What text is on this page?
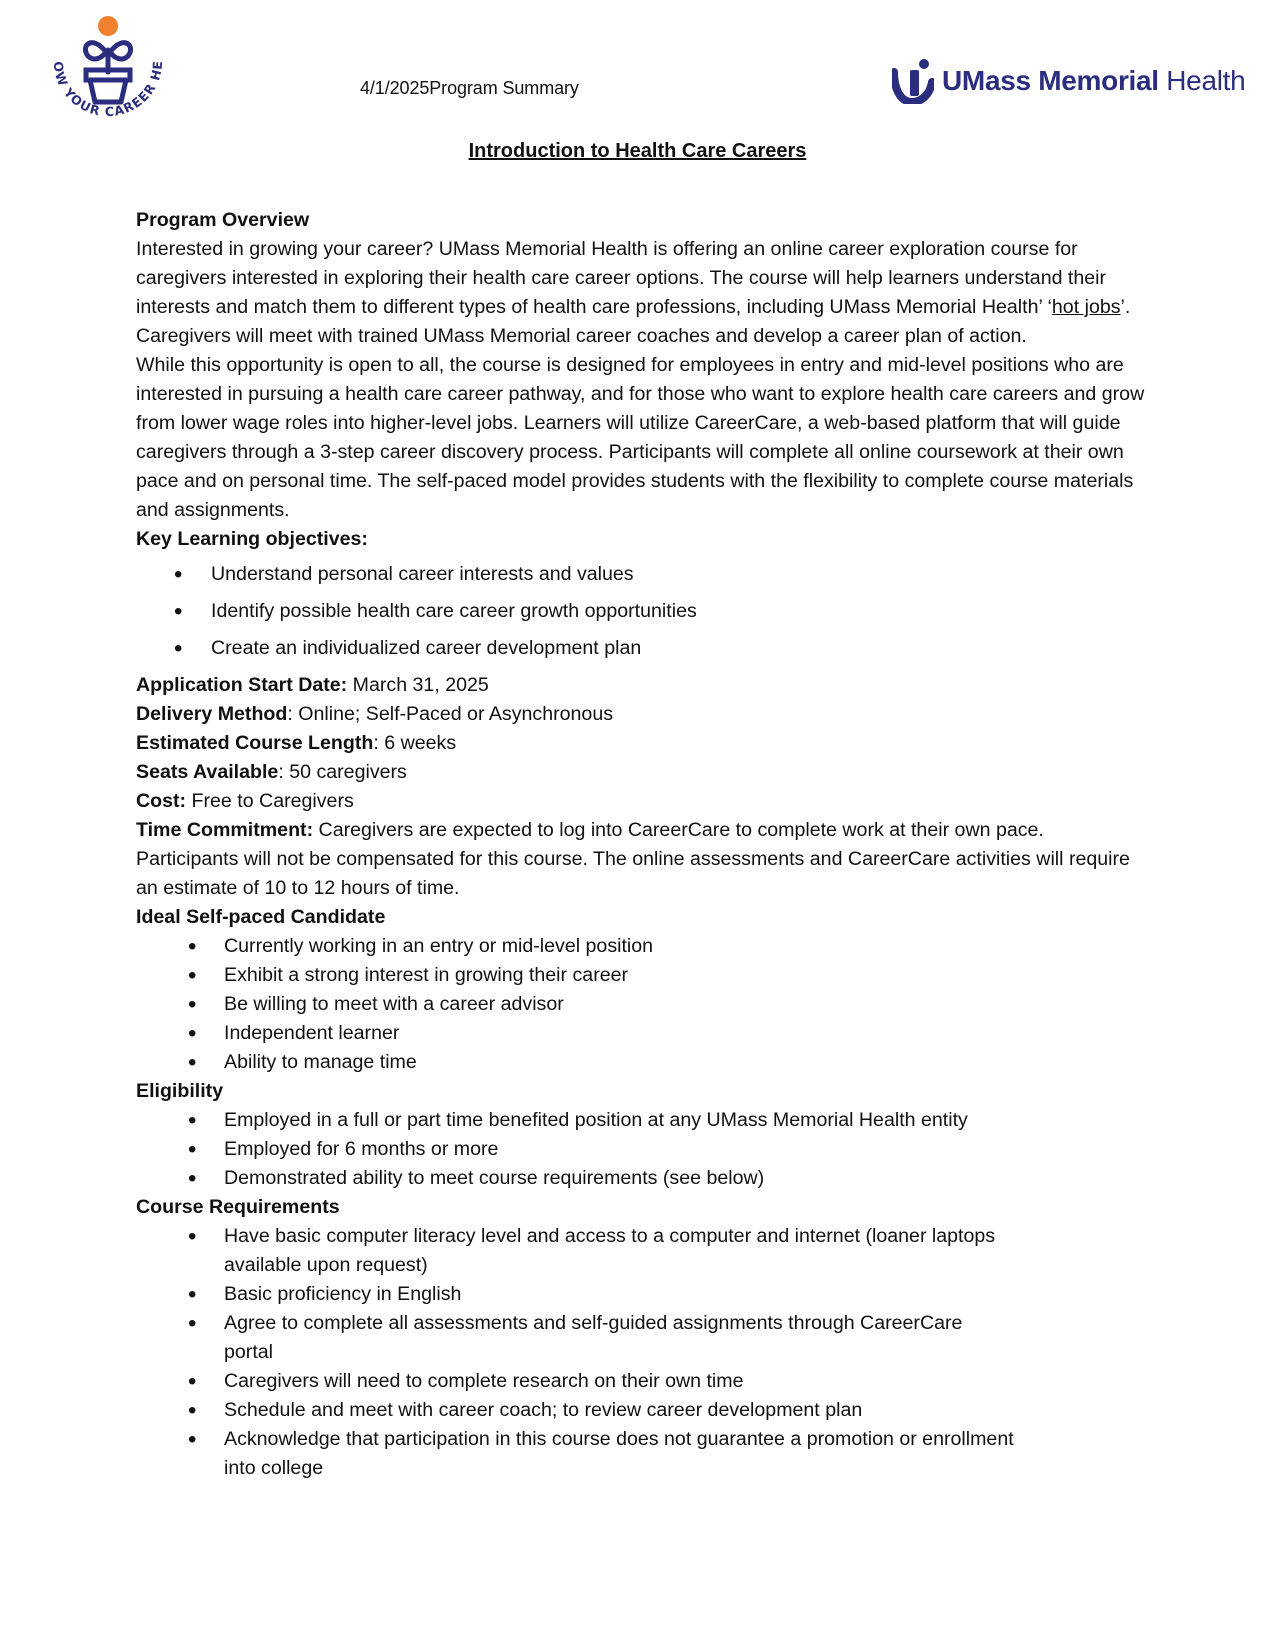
OW YOUR CAREER HE
4/1/2025Program Summary	UMass Memorial Health
Introduction to Health Care Careers

Program Overview

Interested in growing your career? UMass Memorial Health is offering an online career exploration course for caregivers interested in exploring their health care career options. The course will help learners understand their interests and match them to different types of health care professions, including UMass Memorial Health’ ‘hot jobs’. Caregivers will meet with trained UMass Memorial career coaches and develop a career plan of action.

While this opportunity is open to all, the course is designed for employees in entry and mid-level positions who are interested in pursuing a health care career pathway, and for those who want to explore health care careers and grow from lower wage roles into higher-level jobs. Learners will utilize CareerCare, a web-based platform that will guide caregivers through a 3-step career discovery process. Participants will complete all online coursework at their own pace and on personal time. The self-paced model provides students with the flexibility to complete course materials and assignments.

Key Learning objectives:

• Understand personal career interests and values
• Identify possible health care career growth opportunities
• Create an individualized career development plan

Application Start Date: March 31, 2025

Delivery Method: Online; Self-Paced or Asynchronous

Estimated Course Length: 6 weeks

Seats Available: 50 caregivers

Cost: Free to Caregivers

Time Commitment: Caregivers are expected to log into CareerCare to complete work at their own pace. Participants will not be compensated for this course. The online assessments and CareerCare activities will require an estimate of 10 to 12 hours of time.

Ideal Self-paced Candidate

• Currently working in an entry or mid-level position
• Exhibit a strong interest in growing their career
• Be willing to meet with a career advisor
• Independent learner
• Ability to manage time

Eligibility

• Employed in a full or part time benefited position at any UMass Memorial Health entity
• Employed for 6 months or more
• Demonstrated ability to meet course requirements (see below)

Course Requirements

• Have basic computer literacy level and access to a computer and internet (loaner laptops available upon request)
• Basic proficiency in English
• Agree to complete all assessments and self-guided assignments through CareerCare portal
• Caregivers will need to complete research on their own time
• Schedule and meet with career coach; to review career development plan
• Acknowledge that participation in this course does not guarantee a promotion or enrollment into college
